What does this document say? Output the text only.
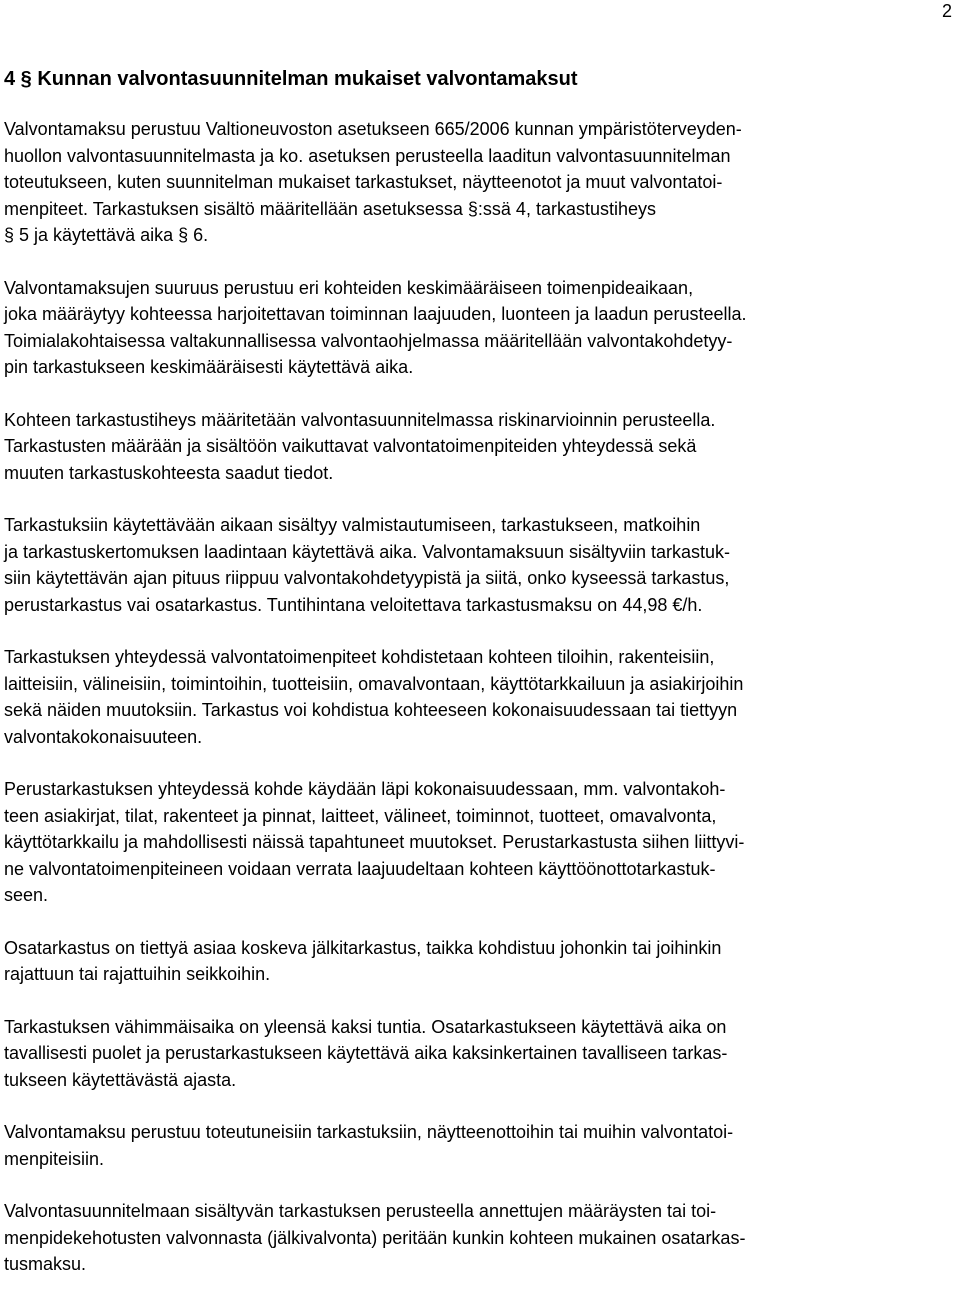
2
4 § Kunnan valvontasuunnitelman mukaiset valvontamaksut

Valvontamaksu perustuu Valtioneuvoston asetukseen 665/2006 kunnan ympäristöterveyden-
huollon valvontasuunnitelmasta ja ko. asetuksen perusteella laaditun valvontasuunnitelman
toteutukseen, kuten suunnitelman mukaiset tarkastukset, näytteenotot ja muut valvontatoi-
menpiteet. Tarkastuksen sisältö määritellään asetuksessa §:ssä 4, tarkastustiheys
§ 5 ja käytettävä aika § 6.

Valvontamaksujen suuruus perustuu eri kohteiden keskimääräiseen toimenpideaikaan,
joka määräytyy kohteessa harjoitettavan toiminnan laajuuden, luonteen ja laadun perusteella.
Toimialakohtaisessa valtakunnallisessa valvontaohjelmassa määritellään valvontakohdetyy-
pin tarkastukseen keskimääräisesti käytettävä aika.

Kohteen tarkastustiheys määritetään valvontasuunnitelmassa riskinarvioinnin perusteella.
Tarkastusten määrään ja sisältöön vaikuttavat valvontatoimenpiteiden yhteydessä sekä
muuten tarkastuskohteesta saadut tiedot.

Tarkastuksiin käytettävään aikaan sisältyy valmistautumiseen, tarkastukseen, matkoihin
ja tarkastuskertomuksen laadintaan käytettävä aika. Valvontamaksuun sisältyviin tarkastuk-
siin käytettävän ajan pituus riippuu valvontakohdetyypistä ja siitä, onko kyseessä tarkastus,
perustarkastus vai osatarkastus. Tuntihintana veloitettava tarkastusmaksu on 44,98 €/h.

Tarkastuksen yhteydessä valvontatoimenpiteet kohdistetaan kohteen tiloihin, rakenteisiin,
laitteisiin, välineisiin, toimintoihin, tuotteisiin, omavalvontaan, käyttötarkkailuun ja asiakirjoihin
sekä näiden muutoksiin. Tarkastus voi kohdistua kohteeseen kokonaisuudessaan tai tiettyyn
valvontakokonaisuuteen.

Perustarkastuksen yhteydessä kohde käydään läpi kokonaisuudessaan, mm. valvontakoh-
teen asiakirjat, tilat, rakenteet ja pinnat, laitteet, välineet, toiminnot, tuotteet, omavalvonta,
käyttötarkkailu ja mahdollisesti näissä tapahtuneet muutokset. Perustarkastusta siihen liittyvi-
ne valvontatoimenpiteineen voidaan verrata laajuudeltaan kohteen käyttöönottotarkastuk-
seen.

Osatarkastus on tiettyä asiaa koskeva jälkitarkastus, taikka kohdistuu johonkin tai joihinkin
rajattuun tai rajattuihin seikkoihin.

Tarkastuksen vähimmäisaika on yleensä kaksi tuntia. Osatarkastukseen käytettävä aika on
tavallisesti puolet ja perustarkastukseen käytettävä aika kaksinkertainen tavalliseen tarkas-
tukseen käytettävästä ajasta.

Valvontamaksu perustuu toteutuneisiin tarkastuksiin, näytteenottoihin tai muihin valvontatoi-
menpiteisiin.

Valvontasuunnitelmaan sisältyvän tarkastuksen perusteella annettujen määräysten tai toi-
menpidekehotusten valvonnasta (jälkivalvonta) peritään kunkin kohteen mukainen osatarkas-
tusmaksu.
